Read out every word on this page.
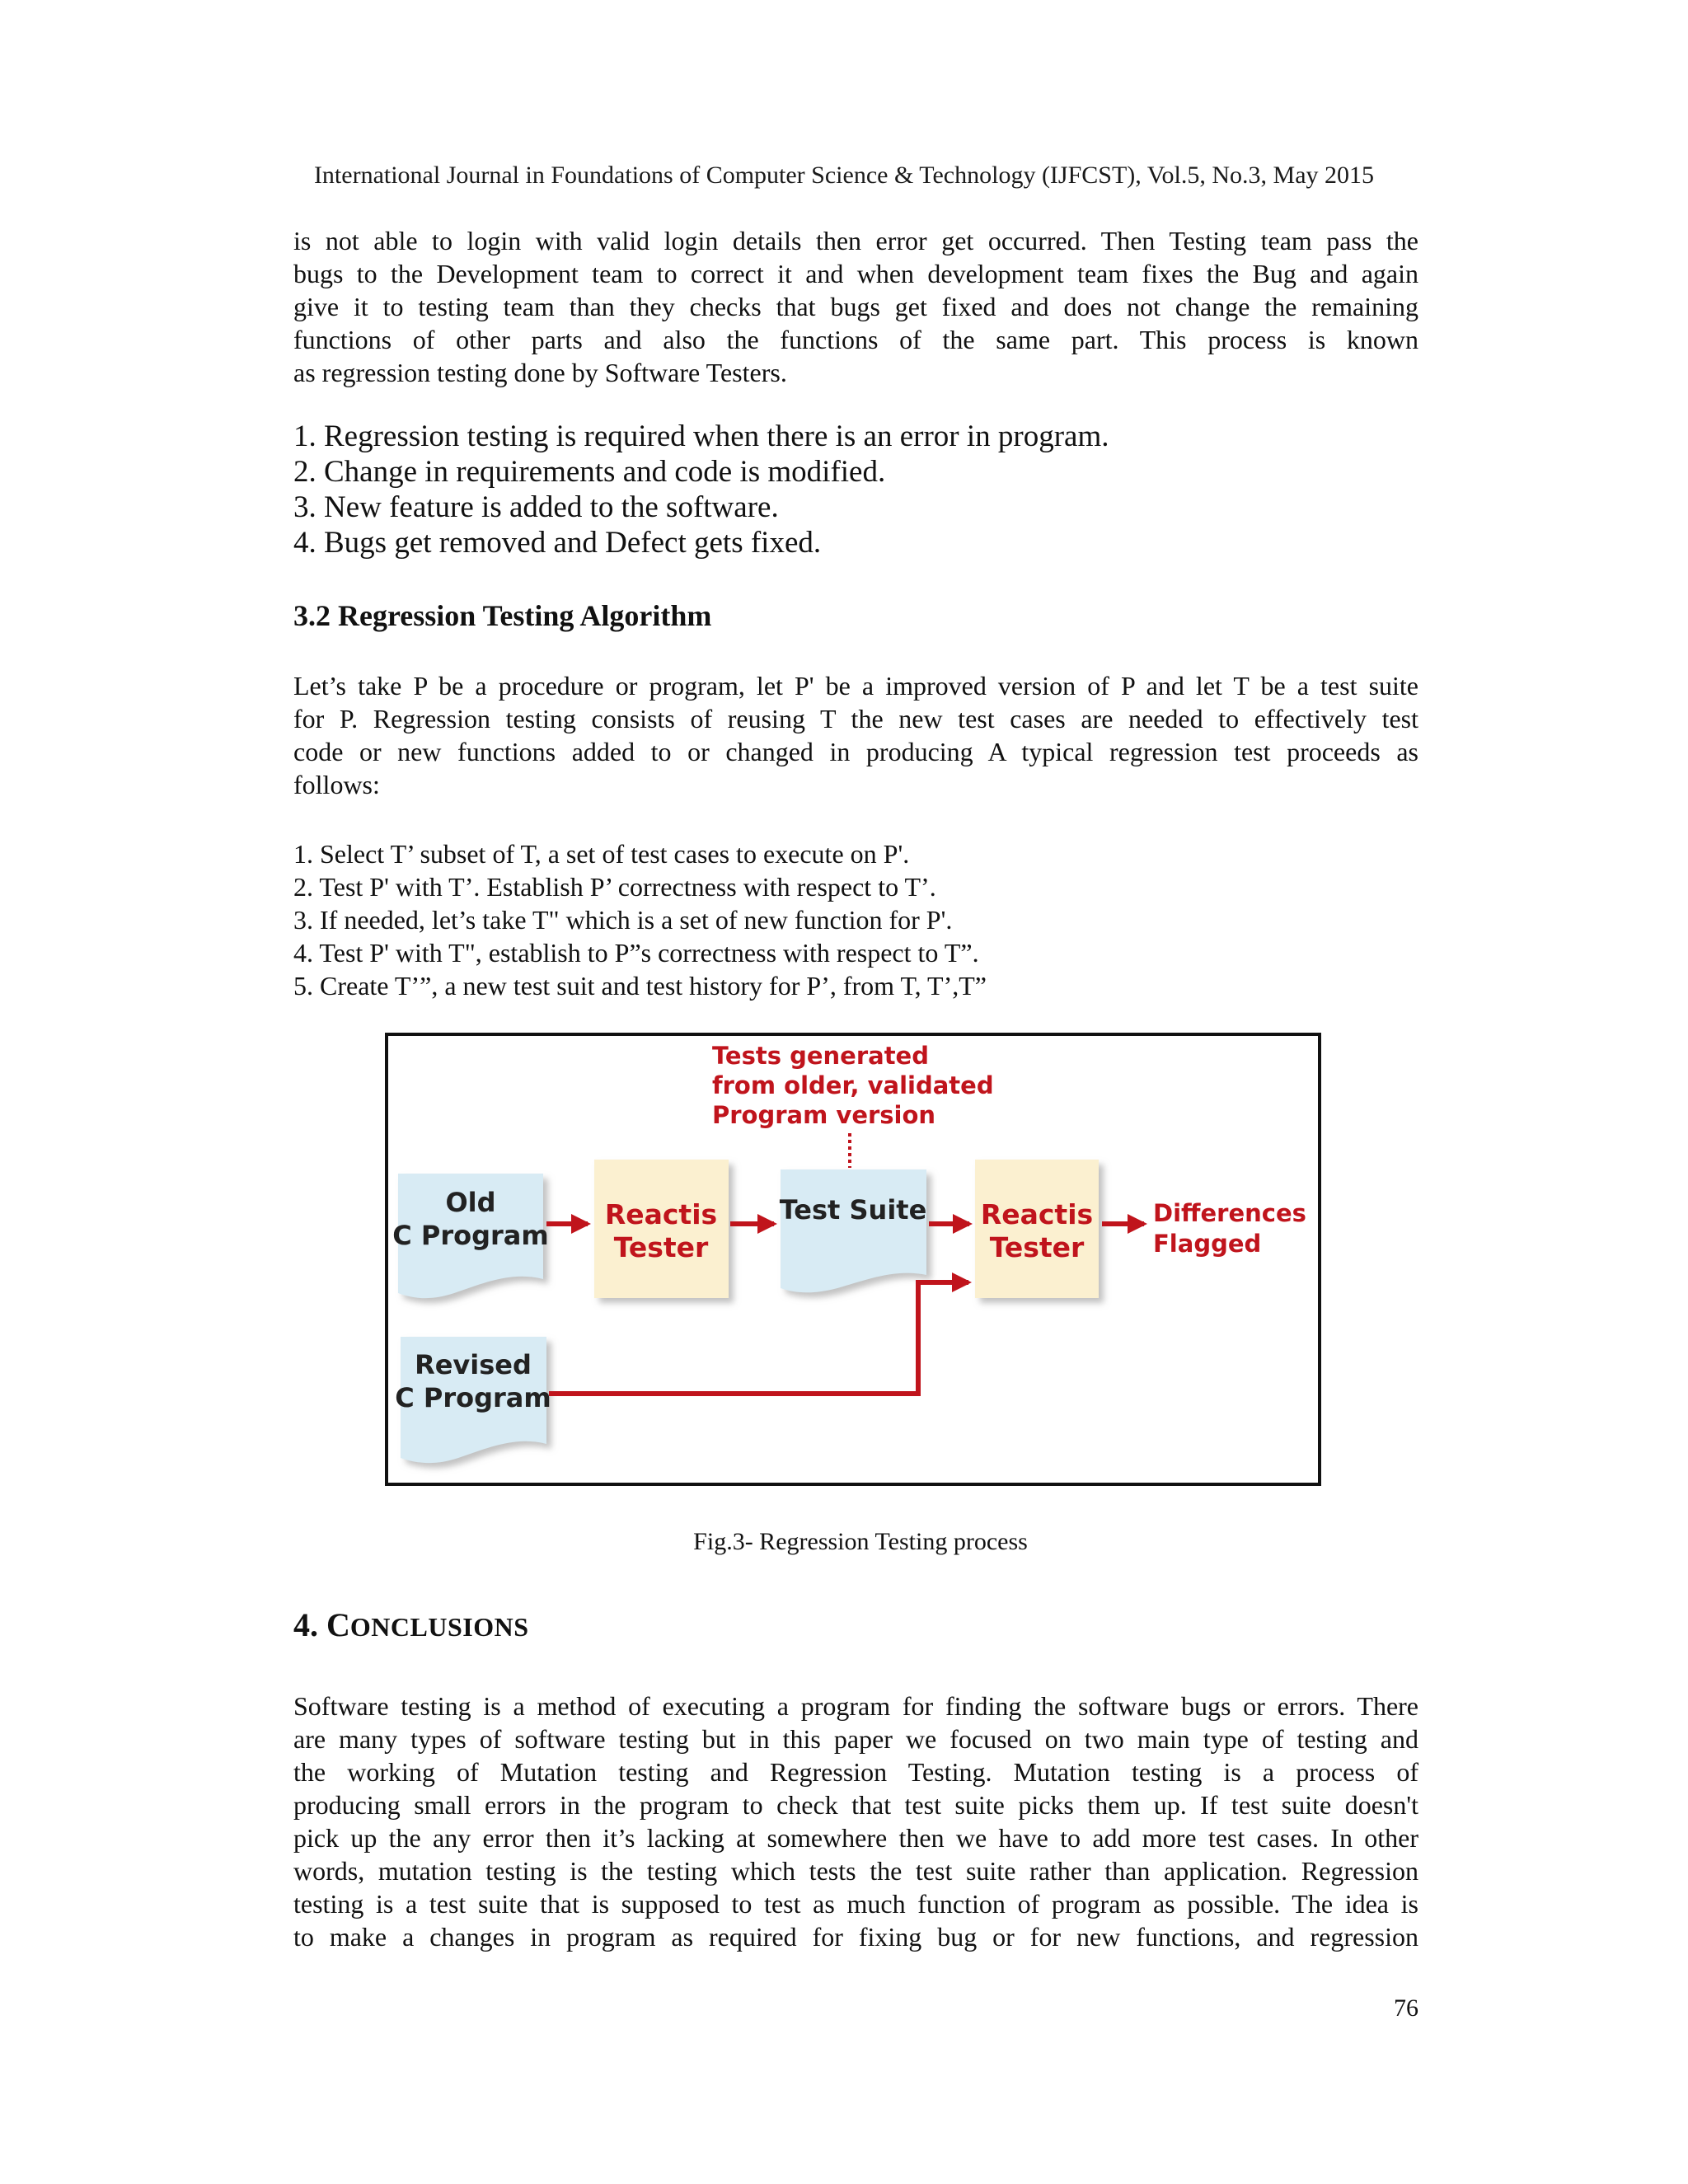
International Journal in Foundations of Computer Science & Technology (IJFCST), Vol.5, No.3, May 2015
is not able to login with valid login details then error get occurred. Then Testing team pass the
bugs to the Development team to correct it and when development team fixes the Bug and again
give it to testing team than they checks that bugs get fixed and does not change the remaining
functions of other parts and also the functions of the same part. This process is known
as regression testing done by Software Testers.
1. Regression testing is required when there is an error in program.
2. Change in requirements and code is modified.
3. New feature is added to the software.
4. Bugs get removed and Defect gets fixed.
3.2 Regression Testing Algorithm
Let’s take P be a procedure or program, let P' be a improved version of P and let T be a test suite
for P. Regression testing consists of reusing T the new test cases are needed to effectively test
code or new functions added to or changed in producing A typical regression test proceeds as
follows:
1. Select T’ subset of T, a set of test cases to execute on P'.
2. Test P' with T’. Establish P’ correctness with respect to T’.
3. If needed, let’s take T" which is a set of new function for P'.
4. Test P' with T", establish to P”s correctness with respect to T”.
5. Create T’”, a new test suit and test history for P’, from T, T’,T”
Tests generated
from older, validated
Program version
Old
C Program
Revised
C Program
Reactis
Tester
Test Suite Reactis
Tester
Differences
Flagged
Fig.3- Regression Testing process
4. CONCLUSIONS
Software testing is a method of executing a program for finding the software bugs or errors. There
are many types of software testing but in this paper we focused on two main type of testing and
the working of Mutation testing and Regression Testing. Mutation testing is a process of
producing small errors in the program to check that test suite picks them up. If test suite doesn't
pick up the any error then it’s lacking at somewhere then we have to add more test cases. In other
words, mutation testing is the testing which tests the test suite rather than application. Regression
testing is a test suite that is supposed to test as much function of program as possible. The idea is
to make a changes in program as required for fixing bug or for new functions, and regression
76
